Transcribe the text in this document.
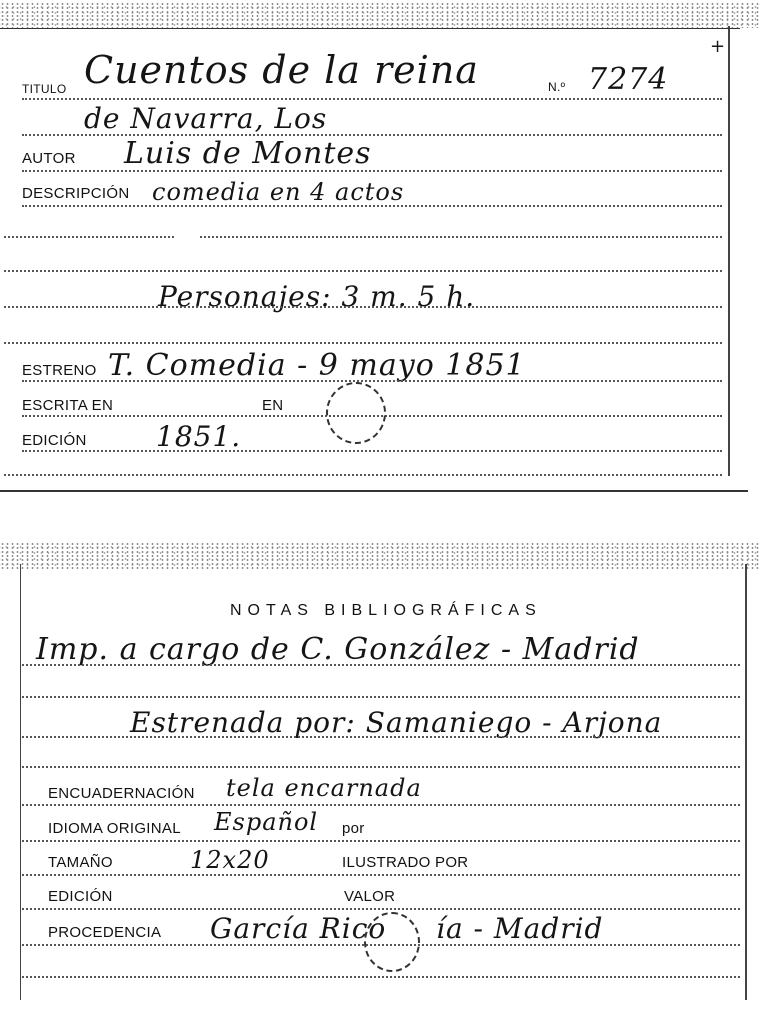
+
TITULO Cuentos de la reina	N.º 7274
de Navarra, Los
AUTOR Luis de Montes
DESCRIPCIÓN comedia en 4 actos
Personajes: 3 m. 5 h.
ESTRENO T. Comedia - 9 mayo 1851
ESCRITA EN	EN
EDICIÓN 1851.
NOTAS BIBLIOGRÁFICAS
Imp. a cargo de C. González - Madrid
Estrenada por: Samaniego - Arjona
ENCUADERNACIÓN tela encarnada
IDIOMA ORIGINAL Español por
TAMAÑO	12x20	ILUSTRADO POR
EDICIÓN	VALOR
PROCEDENCIA García Rico ía - Madrid
